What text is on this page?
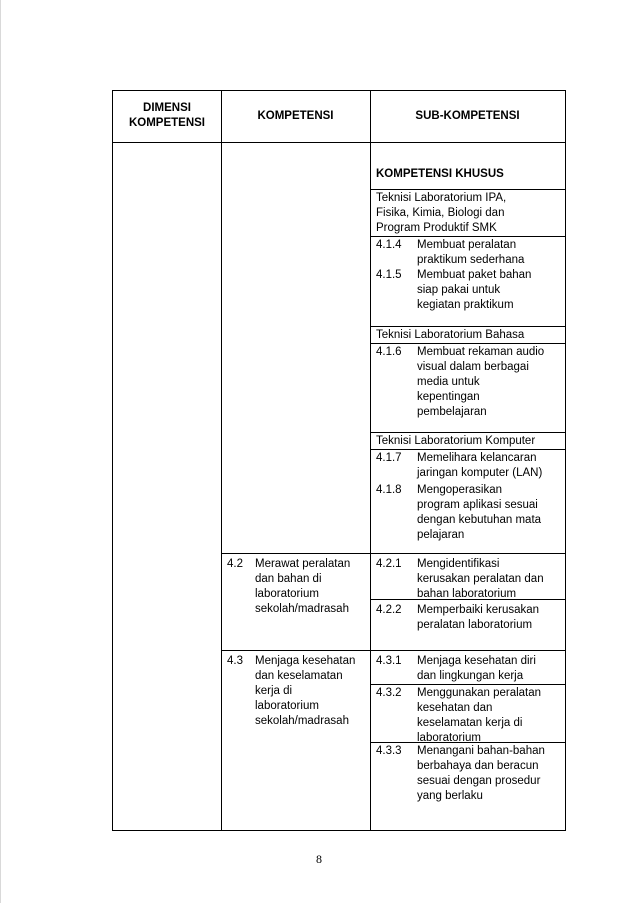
DIMENSI
KOMPETENSI
KOMPETENSI	SUB-KOMPETENSI
KOMPETENSI KHUSUS
Teknisi Laboratorium IPA,
Fisika, Kimia, Biologi dan
Program Produktif SMK
4.1.4 Membuat peralatan
praktikum sederhana
4.1.5 Membuat paket bahan
siap pakai untuk
kegiatan praktikum
Teknisi Laboratorium Bahasa
4.1.6 Membuat rekaman audio
visual dalam berbagai
media untuk
kepentingan
pembelajaran
Teknisi Laboratorium Komputer
4.1.7 Memelihara kelancaran
jaringan komputer (LAN)
4.1.8 Mengoperasikan
program aplikasi sesuai
dengan kebutuhan mata
pelajaran
4.2 Merawat peralatan
dan bahan di
laboratorium
sekolah/madrasah
4.2.1 Mengidentifikasi
kerusakan peralatan dan
bahan laboratorium
4.2.2 Memperbaiki kerusakan
peralatan laboratorium
4.3 Menjaga kesehatan
dan keselamatan
kerja di
laboratorium
sekolah/madrasah
4.3.1 Menjaga kesehatan diri
dan lingkungan kerja
4.3.2 Menggunakan peralatan
kesehatan dan
keselamatan kerja di
laboratorium
4.3.3 Menangani bahan-bahan
berbahaya dan beracun
sesuai dengan prosedur
yang berlaku
8
